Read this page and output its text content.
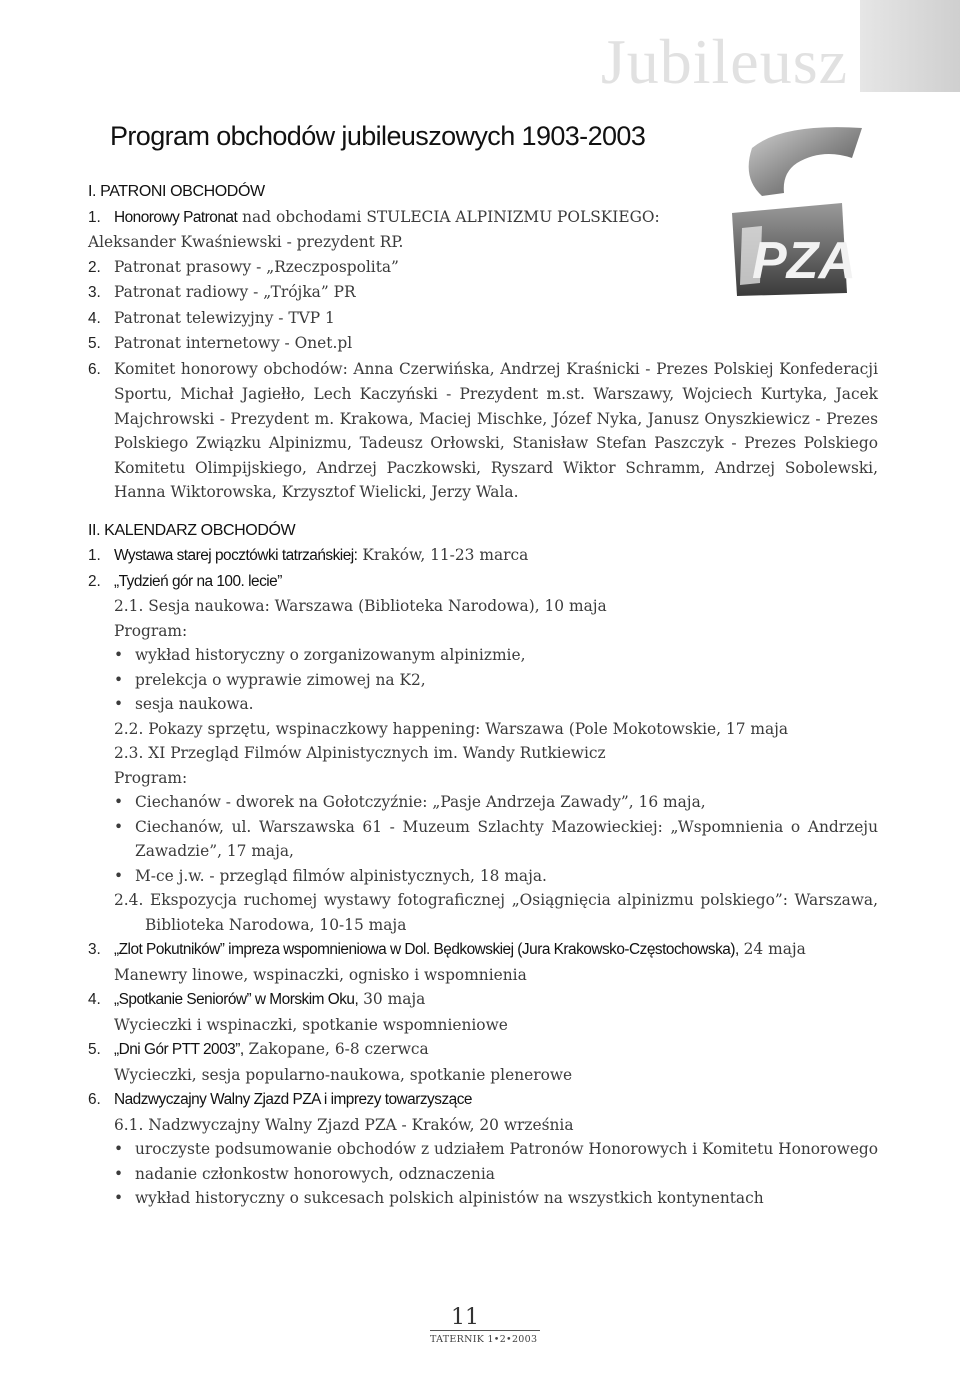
Jubileusz
Program obchodów jubileuszowych 1903-2003
PZA
I. PATRONI OBCHODÓW
1. Honorowy Patronat nad obchodami STULECIA ALPINIZMU POLSKIEGO:
Aleksander Kwaśniewski - prezydent RP.
2. Patronat prasowy - „Rzeczpospolita”
3. Patronat radiowy - „Trójka” PR
4. Patronat telewizyjny - TVP 1
5. Patronat internetowy - Onet.pl
6. Komitet honorowy obchodów: Anna Czerwińska, Andrzej Kraśnicki - Prezes Polskiej Konfederacji Sportu, Michał Jagiełło, Lech Kaczyński - Prezydent m.st. Warszawy, Wojciech Kurtyka, Jacek Majchrowski - Prezydent m. Krakowa, Maciej Mischke, Józef Nyka, Janusz Onyszkiewicz - Prezes Polskiego Związku Alpinizmu, Tadeusz Orłowski, Stanisław Stefan Paszczyk - Prezes Polskiego Komitetu Olimpijskiego, Andrzej Paczkowski, Ryszard Wiktor Schramm, Andrzej Sobolewski, Hanna Wiktorowska, Krzysztof Wielicki, Jerzy Wala.
II. KALENDARZ OBCHODÓW
1. Wystawa starej pocztówki tatrzańskiej: Kraków, 11-23 marca
2. „Tydzień gór na 100. lecie”
2.1. Sesja naukowa: Warszawa (Biblioteka Narodowa), 10 maja
Program:
• wykład historyczny o zorganizowanym alpinizmie,
• prelekcja o wyprawie zimowej na K2,
• sesja naukowa.
2.2. Pokazy sprzętu, wspinaczkowy happening: Warszawa (Pole Mokotowskie, 17 maja
2.3. XI Przegląd Filmów Alpinistycznych im. Wandy Rutkiewicz
Program:
• Ciechanów - dworek na Gołotczyźnie: „Pasje Andrzeja Zawady”, 16 maja,
• Ciechanów, ul. Warszawska 61 - Muzeum Szlachty Mazowieckiej: „Wspomnienia o Andrzeju Zawadzie”, 17 maja,
• M-ce j.w. - przegląd filmów alpinistycznych, 18 maja.
2.4. Ekspozycja ruchomej wystawy fotograficznej „Osiągnięcia alpinizmu polskiego”: Warszawa, Biblioteka Narodowa, 10-15 maja
3. „Zlot Pokutników” impreza wspomnieniowa w Dol. Będkowskiej (Jura Krakowsko-Częstochowska), 24 maja
Manewry linowe, wspinaczki, ognisko i wspomnienia
4. „Spotkanie Seniorów” w Morskim Oku, 30 maja
Wycieczki i wspinaczki, spotkanie wspomnieniowe
5. „Dni Gór PTT 2003”, Zakopane, 6-8 czerwca
Wycieczki, sesja popularno-naukowa, spotkanie plenerowe
6. Nadzwyczajny Walny Zjazd PZA i imprezy towarzyszące
6.1. Nadzwyczajny Walny Zjazd PZA - Kraków, 20 września
• uroczyste podsumowanie obchodów z udziałem Patronów Honorowych i Komitetu Honorowego
• nadanie członkostw honorowych, odznaczenia
• wykład historyczny o sukcesach polskich alpinistów na wszystkich kontynentach
11
TATERNIK 1•2•2003
